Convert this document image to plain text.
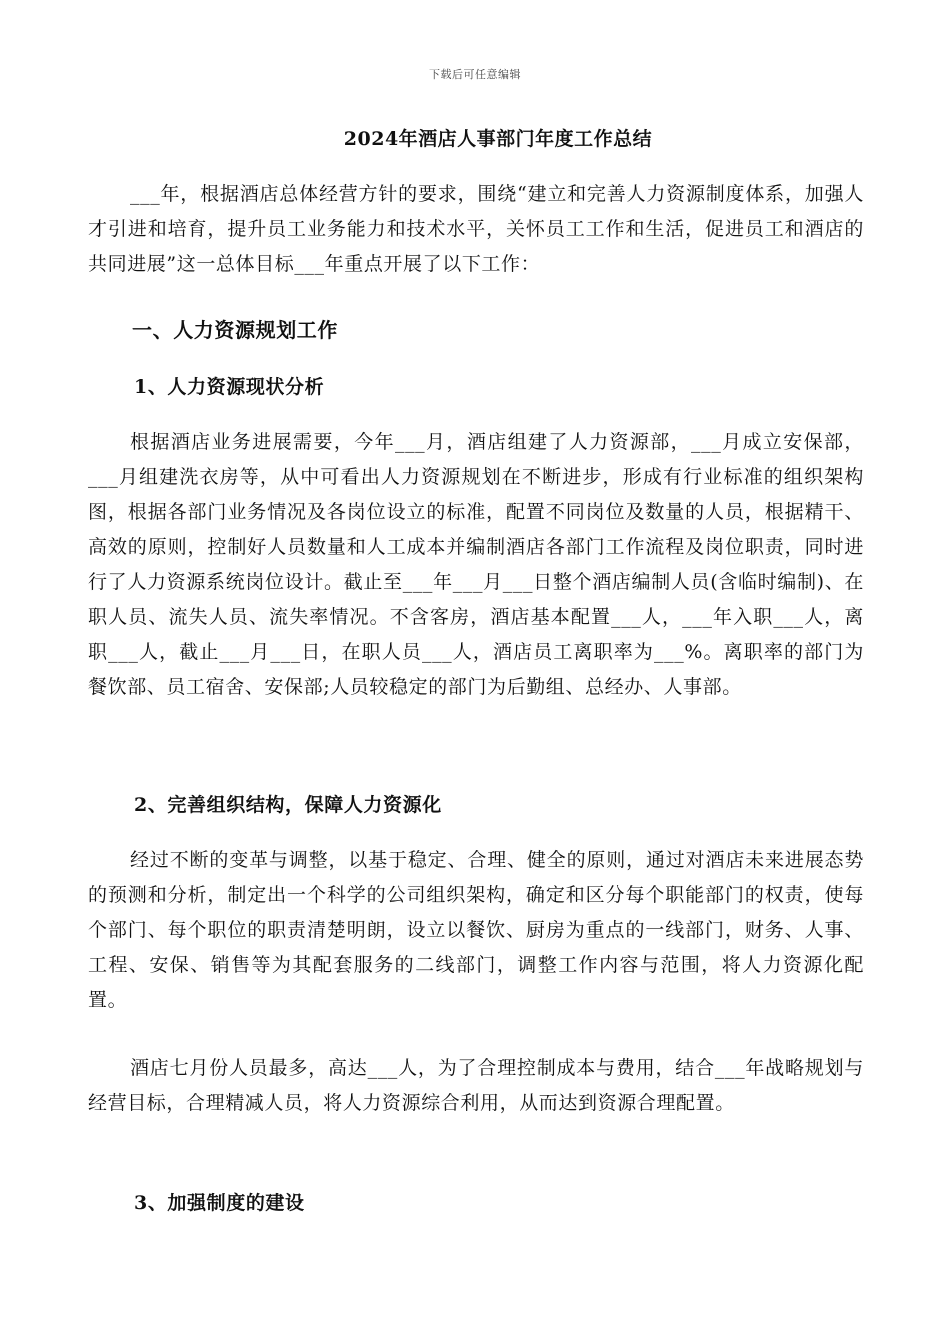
下载后可任意编辑
2024年酒店人事部门年度工作总结

___年，根据酒店总体经营方针的要求，围绕“建立和完善人力资源制度体系，加强人才引进和培育，提升员工业务能力和技术水平，关怀员工工作和生活，促进员工和酒店的共同进展”这一总体目标___年重点开展了以下工作：

一、人力资源规划工作
1、人力资源现状分析

根据酒店业务进展需要，今年___月，酒店组建了人力资源部，___月成立安保部，___月组建洗衣房等，从中可看出人力资源规划在不断进步，形成有行业标准的组织架构图，根据各部门业务情况及各岗位设立的标准，配置不同岗位及数量的人员，根据精干、高效的原则，控制好人员数量和人工成本并编制酒店各部门工作流程及岗位职责，同时进行了人力资源系统岗位设计。截止至___年___月___日整个酒店编制人员(含临时编制)、在职人员、流失人员、流失率情况。不含客房，酒店基本配置___人，___年入职___人，离职___人，截止___月___日，在职人员___人，酒店员工离职率为___%。离职率的部门为餐饮部、员工宿舍、安保部;人员较稳定的部门为后勤组、总经办、人事部。

2、完善组织结构，保障人力资源化

经过不断的变革与调整，以基于稳定、合理、健全的原则，通过对酒店未来进展态势的预测和分析，制定出一个科学的公司组织架构，确定和区分每个职能部门的权责，使每个部门、每个职位的职责清楚明朗，设立以餐饮、厨房为重点的一线部门，财务、人事、工程、安保、销售等为其配套服务的二线部门，调整工作内容与范围，将人力资源化配置。

酒店七月份人员最多，高达___人，为了合理控制成本与费用，结合___年战略规划与经营目标，合理精减人员，将人力资源综合利用，从而达到资源合理配置。

3、加强制度的建设
